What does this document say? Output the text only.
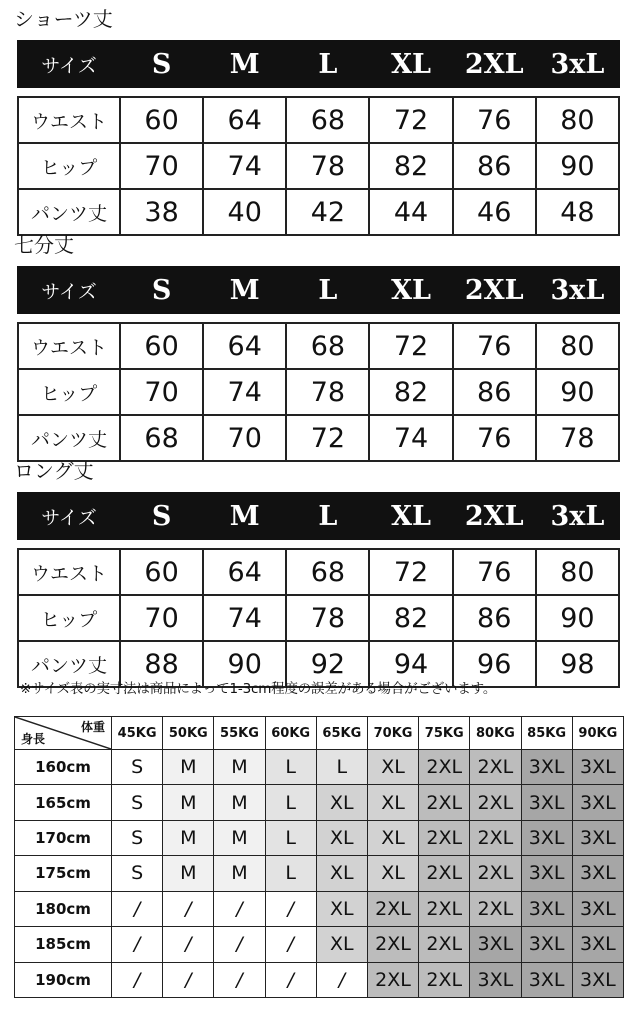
ショーツ丈
サイズ	S	M	L	XL	2XL	3xL

ウエスト	60	64	68	72	76	80
ヒップ	70	74	78	82	86	90
パンツ丈	38	40	42	44	46	48
七分丈
サイズ	S	M	L	XL	2XL	3xL

ウエスト	60	64	68	72	76	80
ヒップ	70	74	78	82	86	90
パンツ丈	68	70	72	74	76	78
ロング丈
サイズ	S	M	L	XL	2XL	3xL

ウエスト	60	64	68	72	76	80
ヒップ	70	74	78	82	86	90
パンツ丈	88	90	92	94	96	98
※サイズ表の実寸法は商品によって1-3cm程度の誤差がある場合がございます。
体重
身長	45KG	50KG	55KG	60KG	65KG	70KG	75KG	80KG	85KG	90KG
160cm	S	M	M	L	L	XL	2XL	2XL	3XL	3XL
165cm	S	M	M	L	XL	XL	2XL	2XL	3XL	3XL
170cm	S	M	M	L	XL	XL	2XL	2XL	3XL	3XL
175cm	S	M	M	L	XL	XL	2XL	2XL	3XL	3XL
180cm	/	/	/	/	XL	2XL	2XL	2XL	3XL	3XL
185cm	/	/	/	/	XL	2XL	2XL	3XL	3XL	3XL
190cm	/	/	/	/	/	2XL	2XL	3XL	3XL	3XL
